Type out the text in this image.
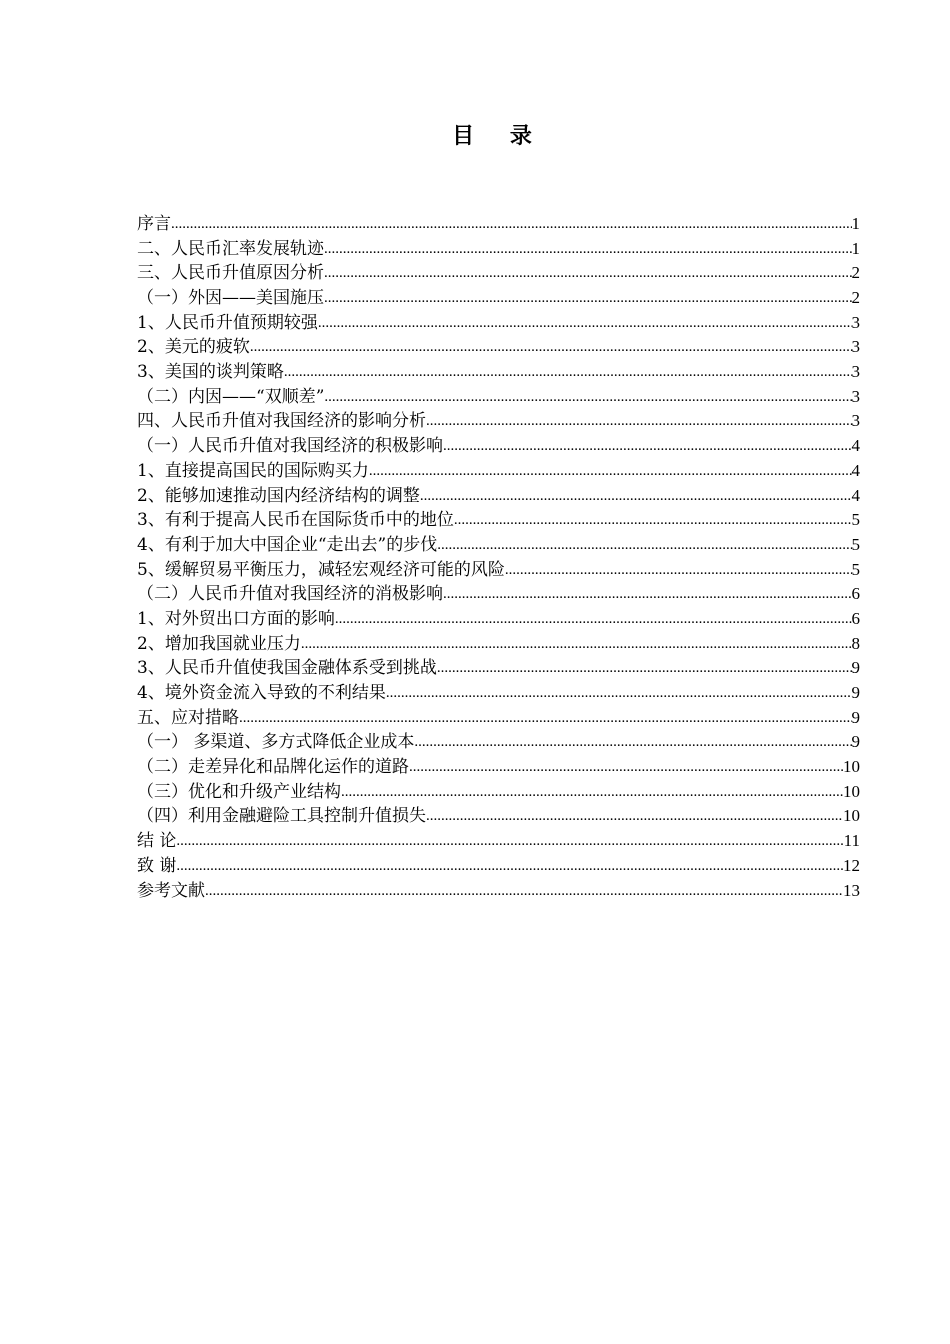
目 录
序言 .....	1
二、人民币汇率发展轨迹 .....	1
三、人民币升值原因分析 .....	2
（一）外因——美国施压 .....	2
1、人民币升值预期较强 .....	3
2、美元的疲软 .....	3
3、美国的谈判策略 .....	3
（二）内因——“双顺差” .....	3
四、人民币升值对我国经济的影响分析 .....	3
（一）人民币升值对我国经济的积极影响 .....	4
1、直接提高国民的国际购买力 .....	4
2、能够加速推动国内经济结构的调整 .....	4
3、有利于提高人民币在国际货币中的地位 .....	5
4、有利于加大中国企业“走出去”的步伐 .....	5
5、缓解贸易平衡压力，减轻宏观经济可能的风险 .....	5
（二）人民币升值对我国经济的消极影响 .....	6
1、对外贸出口方面的影响 .....	6
2、增加我国就业压力 .....	8
3、人民币升值使我国金融体系受到挑战 .....	9
4、境外资金流入导致的不利结果 .....	9
五、应对措略 .....	9
（一） 多渠道、多方式降低企业成本 .....	9
（二）走差异化和品牌化运作的道路 .....	10
（三）优化和升级产业结构 .....	10
（四）利用金融避险工具控制升值损失 .....	10
结 论 .....	11
致 谢 .....	12
参考文献 .....	13
